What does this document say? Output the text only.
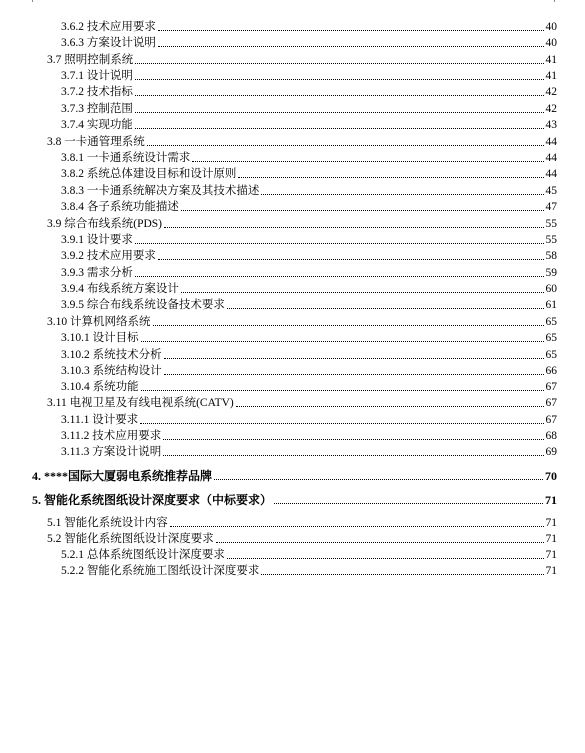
3.6.2 技术应用要求	40
3.6.3 方案设计说明	40
3.7 照明控制系统	41
3.7.1 设计说明	41
3.7.2 技术指标	42
3.7.3 控制范围	42
3.7.4 实现功能	43
3.8 一卡通管理系统	44
3.8.1 一卡通系统设计需求	44
3.8.2 系统总体建设目标和设计原则	44
3.8.3 一卡通系统解决方案及其技术描述	45
3.8.4 各子系统功能描述	47
3.9 综合布线系统(PDS)	55
3.9.1 设计要求	55
3.9.2 技术应用要求	58
3.9.3 需求分析	59
3.9.4 布线系统方案设计	60
3.9.5 综合布线系统设备技术要求	61
3.10 计算机网络系统	65
3.10.1 设计目标	65
3.10.2 系统技术分析	65
3.10.3 系统结构设计	66
3.10.4 系统功能	67
3.11 电视卫星及有线电视系统(CATV)	67
3.11.1 设计要求	67
3.11.2 技术应用要求	68
3.11.3 方案设计说明	69
4. ****国际大厦弱电系统推荐品牌	70
5. 智能化系统图纸设计深度要求（中标要求）	71
5.1 智能化系统设计内容	71
5.2 智能化系统图纸设计深度要求	71
5.2.1 总体系统图纸设计深度要求	71
5.2.2 智能化系统施工图纸设计深度要求	71
